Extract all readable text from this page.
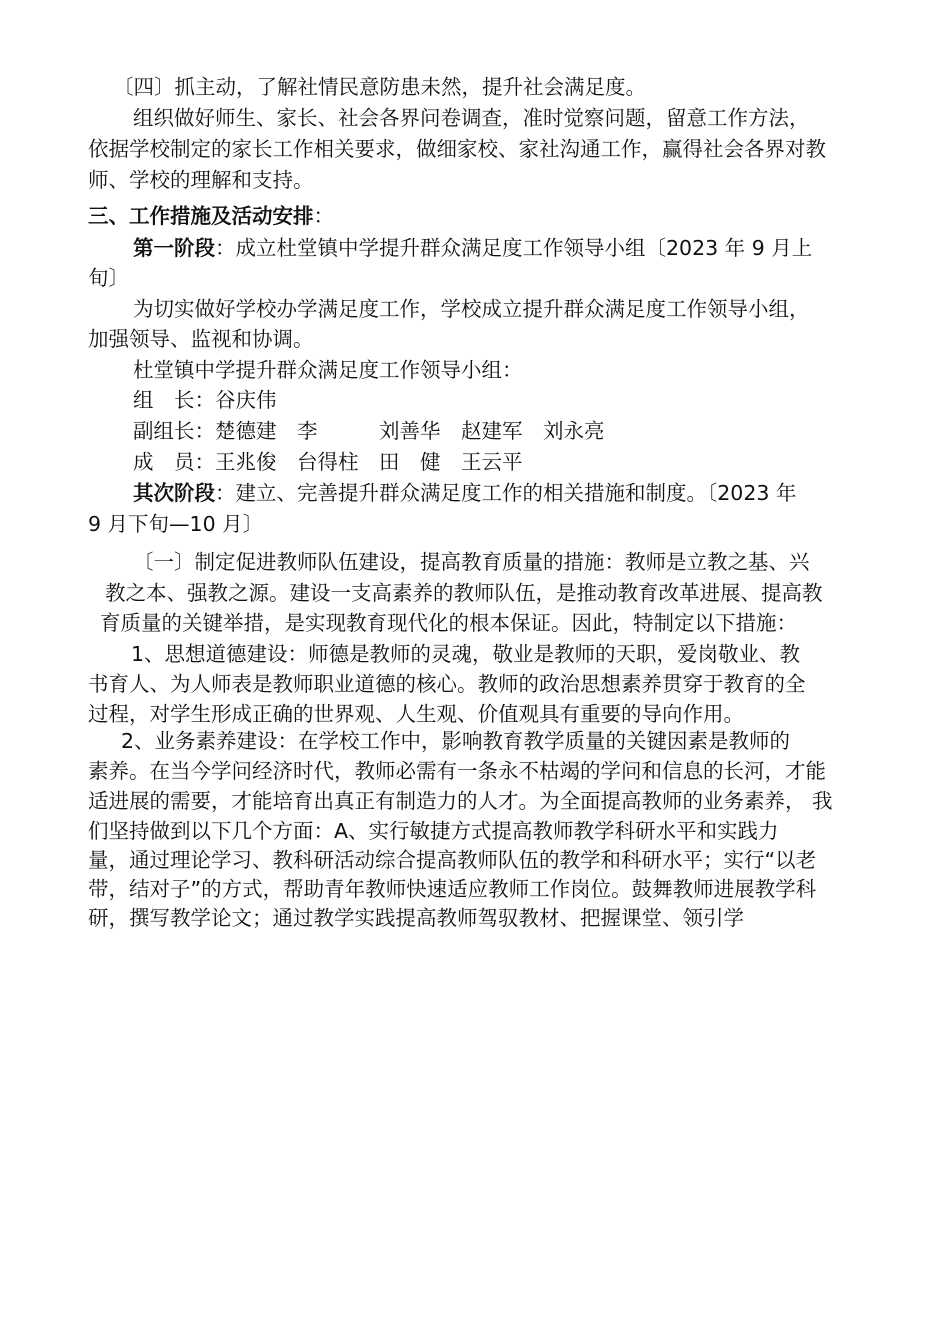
〔四〕抓主动，了解社情民意防患未然，提升社会满足度。
组织做好师生、家长、社会各界问卷调查，准时觉察问题，留意工作方法，
依据学校制定的家长工作相关要求，做细家校、家社沟通工作，赢得社会各界对教
师、学校的理解和支持。
三、工作措施及活动安排：
第一阶段：成立杜堂镇中学提升群众满足度工作领导小组〔2023 年 9 月上
旬〕
为切实做好学校办学满足度工作，学校成立提升群众满足度工作领导小组，
加强领导、监视和协调。
杜堂镇中学提升群众满足度工作领导小组：
组　长：谷庆伟
副组长：楚德建　李　　　刘善华　赵建军　刘永亮
成　员：王兆俊　台得柱　田　健　王云平
其次阶段：建立、完善提升群众满足度工作的相关措施和制度。〔2023 年
9 月下旬—10 月〕
〔一〕制定促进教师队伍建设，提高教育质量的措施：教师是立教之基、兴
教之本、强教之源。建设一支高素养的教师队伍，是推动教育改革进展、提高教
育质量的关键举措，是实现教育现代化的根本保证。因此，特制定以下措施：
1、思想道德建设：师德是教师的灵魂，敬业是教师的天职，爱岗敬业、教
书育人、为人师表是教师职业道德的核心。教师的政治思想素养贯穿于教育的全
过程，对学生形成正确的世界观、人生观、价值观具有重要的导向作用。
2、业务素养建设：在学校工作中，影响教育教学质量的关键因素是教师的
素养。在当今学问经济时代，教师必需有一条永不枯竭的学问和信息的长河，才能
适进展的需要，才能培育出真正有制造力的人才。为全面提高教师的业务素养， 我
们坚持做到以下几个方面：A、实行敏捷方式提高教师教学科研水平和实践力
量，通过理论学习、教科研活动综合提高教师队伍的教学和科研水平；实行“以老
带，结对子”的方式，帮助青年教师快速适应教师工作岗位。鼓舞教师进展教学科
研，撰写教学论文；通过教学实践提高教师驾驭教材、把握课堂、领引学
